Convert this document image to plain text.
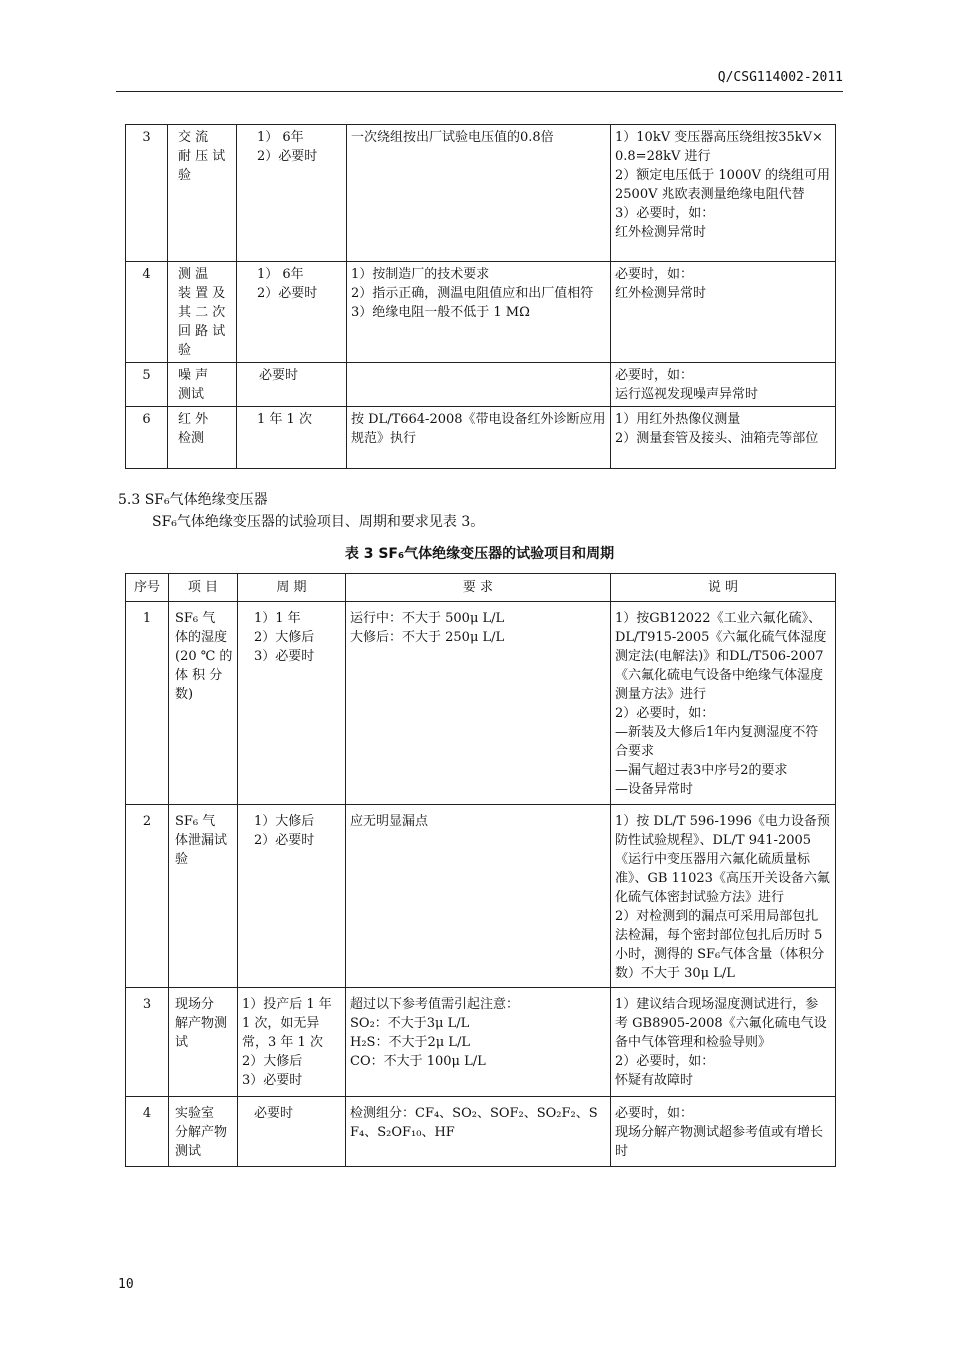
Q/CSG114002-2011
3	交 流
耐 压 试
验	1） 6年
2）必要时	一次绕组按出厂试验电压值的0.8倍	1）10kV 变压器高压绕组按35kV×0.8=28kV 进行
2）额定电压低于 1000V 的绕组可用 2500V 兆欧表测量绝缘电阻代替
3）必要时，如：
红外检测异常时
4	测 温
装 置 及
其 二 次
回 路 试
验	1） 6年
2）必要时	1）按制造厂的技术要求
2）指示正确，测温电阻值应和出厂值相符
3）绝缘电阻一般不低于 1 MΩ	必要时，如：
红外检测异常时
5	噪 声
测试	必要时		必要时，如：
运行巡视发现噪声异常时
6	红 外
检测	1 年 1 次	按 DL/T664-2008《带电设备红外诊断应用规范》执行	1）用红外热像仪测量
2）测量套管及接头、油箱壳等部位
5.3 SF₆气体绝缘变压器
SF₆气体绝缘变压器的试验项目、周期和要求见表 3。
表 3 SF₆气体绝缘变压器的试验项目和周期
序号	项 目	周 期	要 求	说 明
1	SF₆ 气
体的湿度
(20 ℃ 的
体 积 分
数)	1）1 年
2）大修后
3）必要时	运行中：不大于 500μ L/L
大修后：不大于 250μ L/L	1）按GB12022《工业六氟化硫》、DL/T915-2005《六氟化硫气体湿度测定法(电解法)》和DL/T506-2007《六氟化硫电气设备中绝缘气体湿度测量方法》进行
2）必要时，如：
—新装及大修后1年内复测湿度不符合要求
—漏气超过表3中序号2的要求
—设备异常时
2	SF₆ 气
体泄漏试
验	1）大修后
2）必要时	应无明显漏点	1）按 DL/T 596-1996《电力设备预防性试验规程》、DL/T 941-2005《运行中变压器用六氟化硫质量标准》、GB 11023《高压开关设备六氟化硫气体密封试验方法》进行
2）对检测到的漏点可采用局部包扎法检漏，每个密封部位包扎后历时 5 小时，测得的 SF₆气体含量（体积分数）不大于 30μ L/L
3	现场分
解产物测
试	1）投产后 1 年 1 次，如无异常，3 年 1 次
2）大修后
3）必要时	超过以下参考值需引起注意：
SO₂：不大于3μ L/L
H₂S：不大于2μ L/L
CO：不大于 100μ L/L	1）建议结合现场湿度测试进行，参考 GB8905-2008《六氟化硫电气设备中气体管理和检验导则》
2）必要时，如：
怀疑有故障时
4	实验室
分解产物
测试	必要时	检测组分：CF₄、SO₂、SOF₂、SO₂F₂、SF₄、S₂OF₁₀、HF	必要时，如：
现场分解产物测试超参考值或有增长时
10
